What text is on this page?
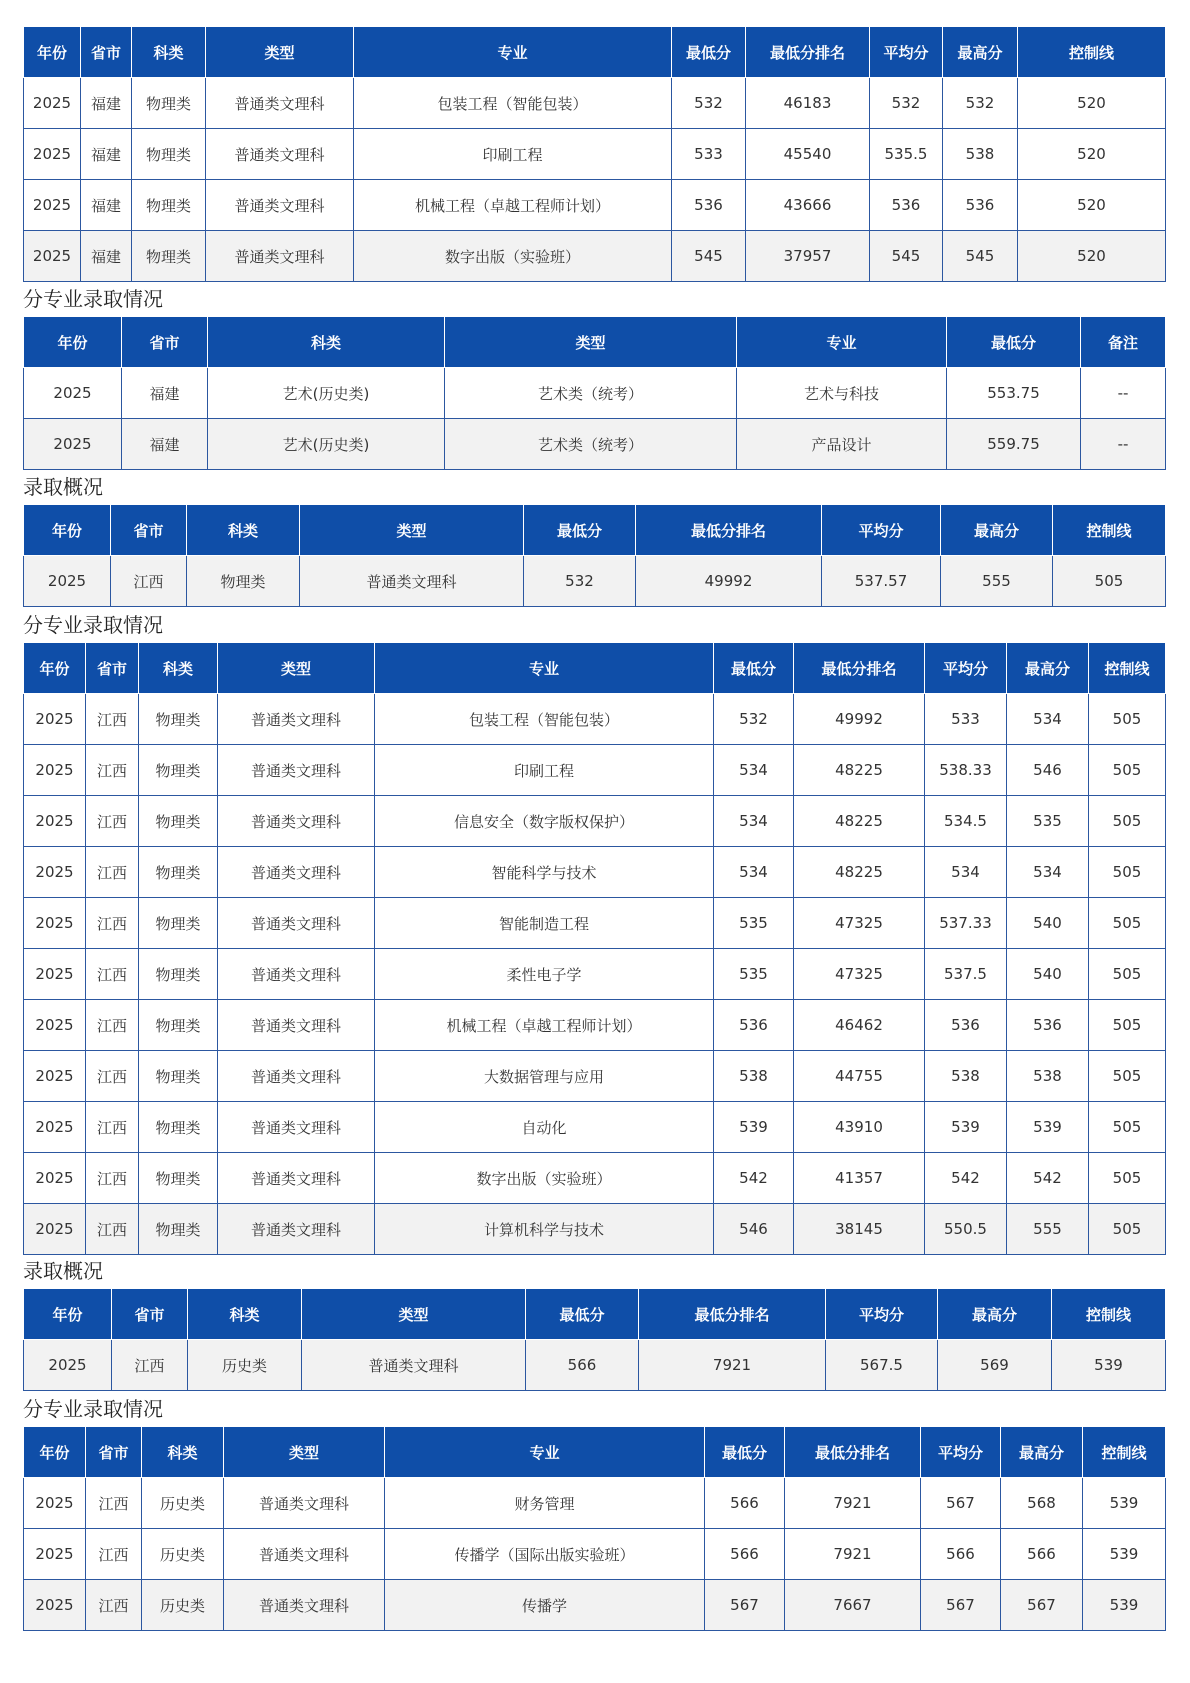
年份	省市	科类	类型	专业	最低分	最低分排名	平均分	最高分	控制线
2025	福建	物理类	普通类文理科	包装工程（智能包装）	532	46183	532	532	520
2025	福建	物理类	普通类文理科	印刷工程	533	45540	535.5	538	520
2025	福建	物理类	普通类文理科	机械工程（卓越工程师计划）	536	43666	536	536	520
2025	福建	物理类	普通类文理科	数字出版（实验班）	545	37957	545	545	520
分专业录取情况
年份	省市	科类	类型	专业	最低分	备注
2025	福建	艺术(历史类)	艺术类（统考）	艺术与科技	553.75	--
2025	福建	艺术(历史类)	艺术类（统考）	产品设计	559.75	--
录取概况
年份	省市	科类	类型	最低分	最低分排名	平均分	最高分	控制线
2025	江西	物理类	普通类文理科	532	49992	537.57	555	505
分专业录取情况
年份	省市	科类	类型	专业	最低分	最低分排名	平均分	最高分	控制线
2025	江西	物理类	普通类文理科	包装工程（智能包装）	532	49992	533	534	505
2025	江西	物理类	普通类文理科	印刷工程	534	48225	538.33	546	505
2025	江西	物理类	普通类文理科	信息安全（数字版权保护）	534	48225	534.5	535	505
2025	江西	物理类	普通类文理科	智能科学与技术	534	48225	534	534	505
2025	江西	物理类	普通类文理科	智能制造工程	535	47325	537.33	540	505
2025	江西	物理类	普通类文理科	柔性电子学	535	47325	537.5	540	505
2025	江西	物理类	普通类文理科	机械工程（卓越工程师计划）	536	46462	536	536	505
2025	江西	物理类	普通类文理科	大数据管理与应用	538	44755	538	538	505
2025	江西	物理类	普通类文理科	自动化	539	43910	539	539	505
2025	江西	物理类	普通类文理科	数字出版（实验班）	542	41357	542	542	505
2025	江西	物理类	普通类文理科	计算机科学与技术	546	38145	550.5	555	505
录取概况
年份	省市	科类	类型	最低分	最低分排名	平均分	最高分	控制线
2025	江西	历史类	普通类文理科	566	7921	567.5	569	539
分专业录取情况
年份	省市	科类	类型	专业	最低分	最低分排名	平均分	最高分	控制线
2025	江西	历史类	普通类文理科	财务管理	566	7921	567	568	539
2025	江西	历史类	普通类文理科	传播学（国际出版实验班）	566	7921	566	566	539
2025	江西	历史类	普通类文理科	传播学	567	7667	567	567	539
